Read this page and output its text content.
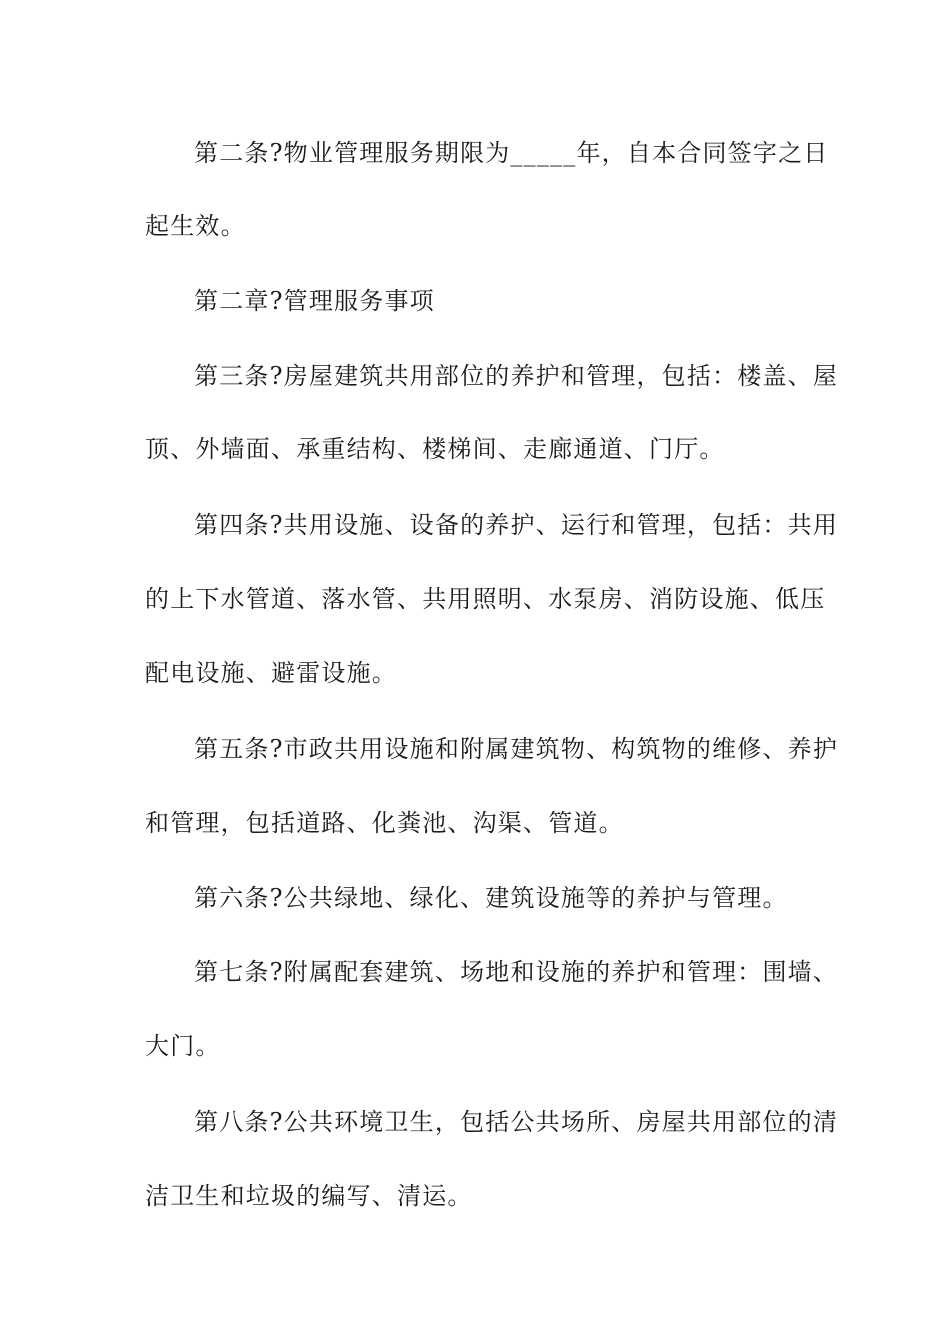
第二条?物业管理服务期限为_____年，自本合同签字之日
起生效。
第二章?管理服务事项
第三条?房屋建筑共用部位的养护和管理，包括：楼盖、屋
顶、外墙面、承重结构、楼梯间、走廊通道、门厅。
第四条?共用设施、设备的养护、运行和管理，包括：共用
的上下水管道、落水管、共用照明、水泵房、消防设施、低压
配电设施、避雷设施。
第五条?市政共用设施和附属建筑物、构筑物的维修、养护
和管理，包括道路、化粪池、沟渠、管道。
第六条?公共绿地、绿化、建筑设施等的养护与管理。
第七条?附属配套建筑、场地和设施的养护和管理：围墙、
大门。
第八条?公共环境卫生，包括公共场所、房屋共用部位的清
洁卫生和垃圾的编写、清运。
